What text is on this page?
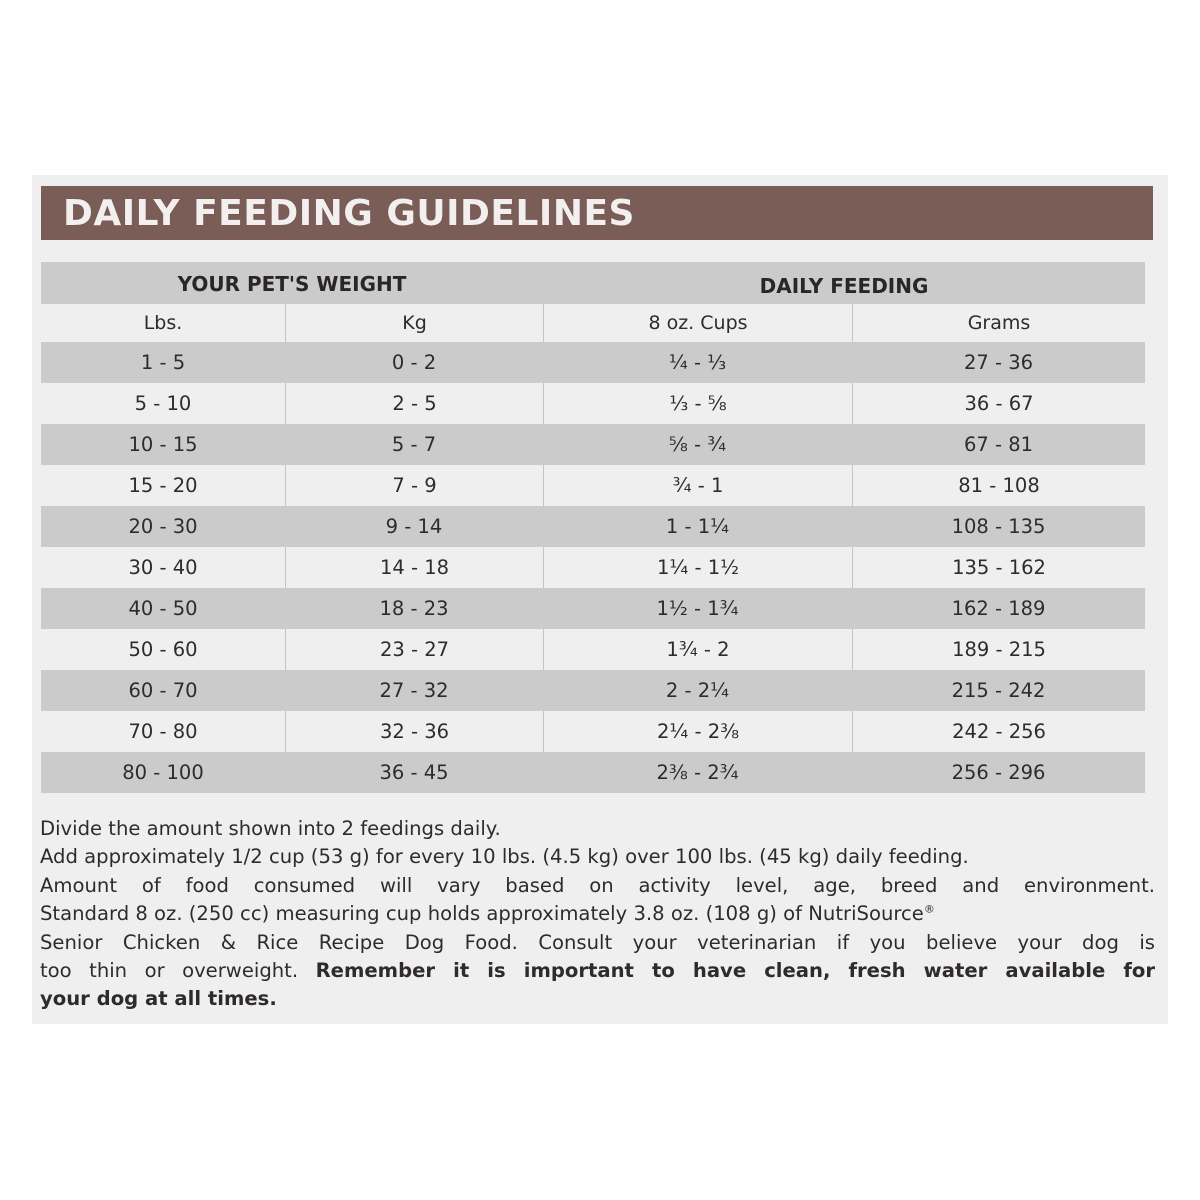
DAILY FEEDING GUIDELINES
YOUR PET'S WEIGHT	DAILY FEEDING
Lbs.	Kg	8 oz. Cups	Grams
1 - 5	0 - 2	¼ - ⅓	27 - 36
5 - 10	2 - 5	⅓ - ⅝	36 - 67
10 - 15	5 - 7	⅝ - ¾	67 - 81
15 - 20	7 - 9	¾ - 1	81 - 108
20 - 30	9 - 14	1 - 1¼	108 - 135
30 - 40	14 - 18	1¼ - 1½	135 - 162
40 - 50	18 - 23	1½ - 1¾	162 - 189
50 - 60	23 - 27	1¾ - 2	189 - 215
60 - 70	27 - 32	2 - 2¼	215 - 242
70 - 80	32 - 36	2¼ - 2⅜	242 - 256
80 - 100	36 - 45	2⅜ - 2¾	256 - 296

Divide the amount shown into 2 feedings daily.

Add approximately 1/2 cup (53 g) for every 10 lbs. (4.5 kg) over 100 lbs. (45 kg) daily feeding.

Amount of food consumed will vary based on activity level, age, breed and environment.

Standard 8 oz. (250 cc) measuring cup holds approximately 3.8 oz. (108 g) of NutriSource®

Senior Chicken & Rice Recipe Dog Food. Consult your veterinarian if you believe your dog is

too thin or overweight. Remember it is important to have clean, fresh water available for

your dog at all times.
